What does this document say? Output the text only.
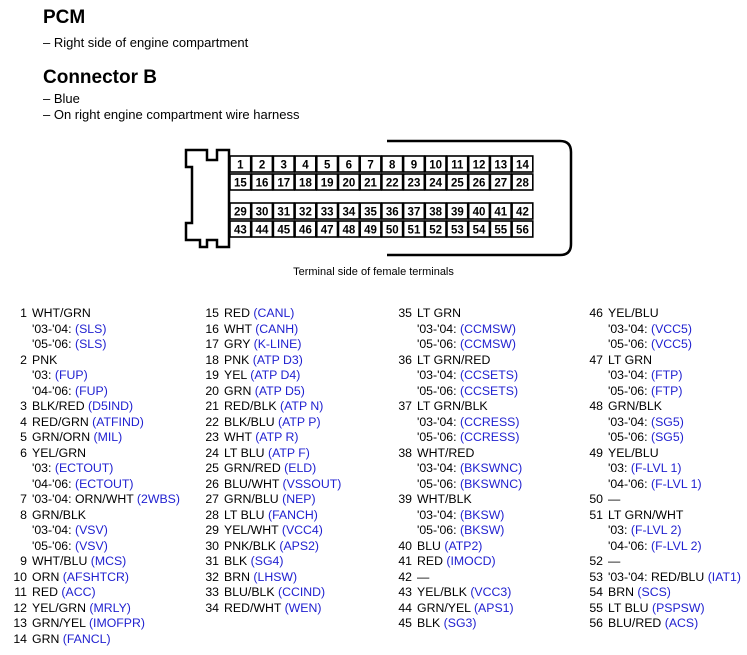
PCM
– Right side of engine compartment
Connector B
– Blue
– On right engine compartment wire harness
1 2 3 4 5 6 7 8 9 10 11 12 13 14
15 16 17 18 19 20 21 22 23 24 25 26 27 28
29 30 31 32 33 34 35 36 37 38 39 40 41 42
43 44 45 46 47 48 49 50 51 52 53 54 55 56
Terminal side of female terminals
1 WHT/GRN
'03-'04: (SLS)
'05-'06: (SLS)
2 PNK
'03: (FUP)
'04-'06: (FUP)
3 BLK/RED (D5IND)
4 RED/GRN (ATFIND)
5 GRN/ORN (MIL)
6 YEL/GRN
'03: (ECTOUT)
'04-'06: (ECTOUT)
7 '03-'04: ORN/WHT (2WBS)
8 GRN/BLK
'03-'04: (VSV)
'05-'06: (VSV)
9 WHT/BLU (MCS)
10 ORN (AFSHTCR)
11 RED (ACC)
12 YEL/GRN (MRLY)
13 GRN/YEL (IMOFPR)
14 GRN (FANCL)
15 RED (CANL)
16 WHT (CANH)
17 GRY (K-LINE)
18 PNK (ATP D3)
19 YEL (ATP D4)
20 GRN (ATP D5)
21 RED/BLK (ATP N)
22 BLK/BLU (ATP P)
23 WHT (ATP R)
24 LT BLU (ATP F)
25 GRN/RED (ELD)
26 BLU/WHT (VSSOUT)
27 GRN/BLU (NEP)
28 LT BLU (FANCH)
29 YEL/WHT (VCC4)
30 PNK/BLK (APS2)
31 BLK (SG4)
32 BRN (LHSW)
33 BLU/BLK (CCIND)
34 RED/WHT (WEN)
35 LT GRN
'03-'04: (CCMSW)
'05-'06: (CCMSW)
36 LT GRN/RED
'03-'04: (CCSETS)
'05-'06: (CCSETS)
37 LT GRN/BLK
'03-'04: (CCRESS)
'05-'06: (CCRESS)
38 WHT/RED
'03-'04: (BKSWNC)
'05-'06: (BKSWNC)
39 WHT/BLK
'03-'04: (BKSW)
'05-'06: (BKSW)
40 BLU (ATP2)
41 RED (IMOCD)
42 —
43 YEL/BLK (VCC3)
44 GRN/YEL (APS1)
45 BLK (SG3)
46 YEL/BLU
'03-'04: (VCC5)
'05-'06: (VCC5)
47 LT GRN
'03-'04: (FTP)
'05-'06: (FTP)
48 GRN/BLK
'03-'04: (SG5)
'05-'06: (SG5)
49 YEL/BLU
'03: (F-LVL 1)
'04-'06: (F-LVL 1)
50 —
51 LT GRN/WHT
'03: (F-LVL 2)
'04-'06: (F-LVL 2)
52 —
53 '03-'04: RED/BLU (IAT1)
54 BRN (SCS)
55 LT BLU (PSPSW)
56 BLU/RED (ACS)
